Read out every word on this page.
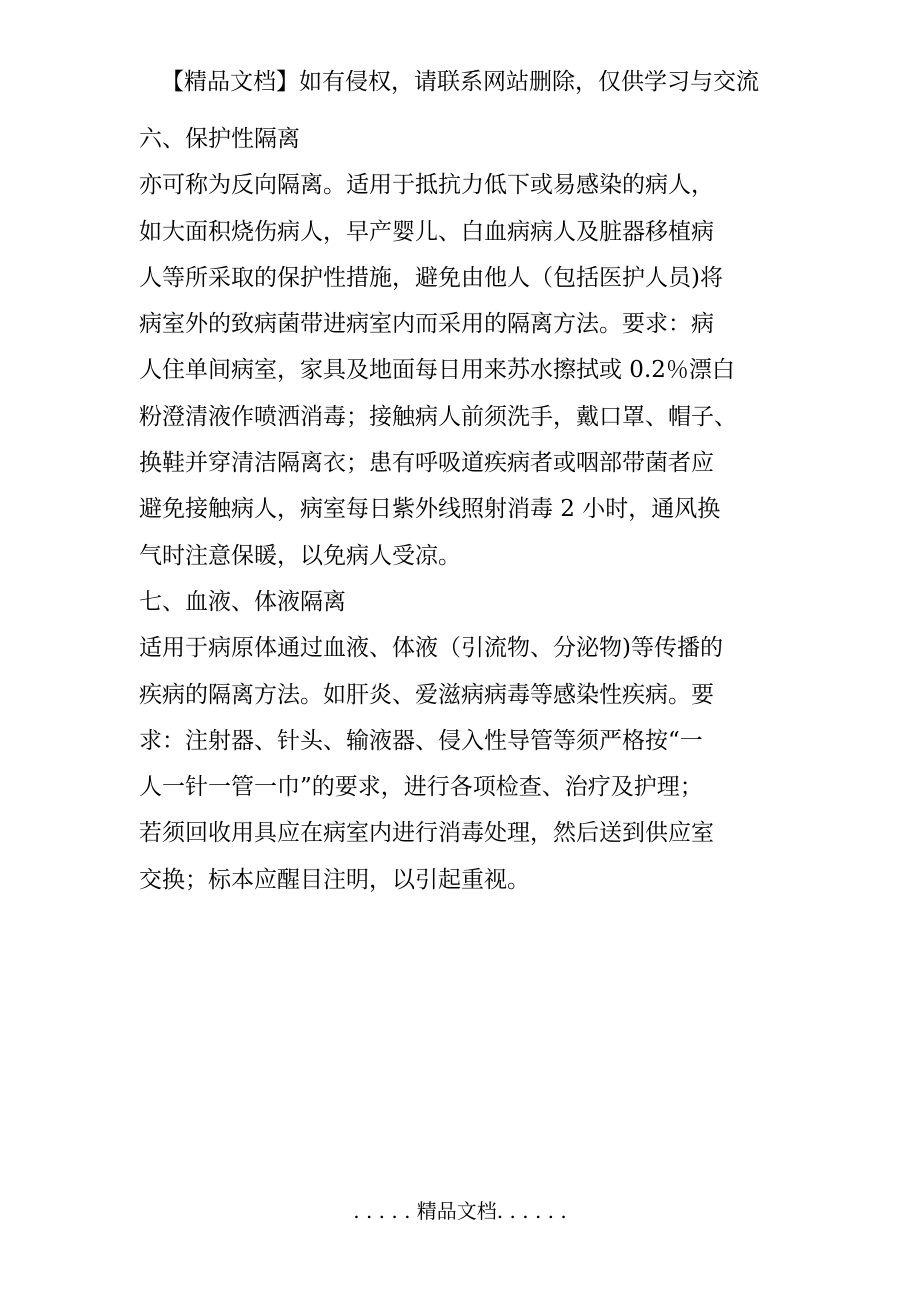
【精品文档】如有侵权，请联系网站删除，仅供学习与交流
六、保护性隔离
亦可称为反向隔离。适用于抵抗力低下或易感染的病人，
如大面积烧伤病人，早产婴儿、白血病病人及脏器移植病
人等所采取的保护性措施，避免由他人（包括医护人员)将
病室外的致病菌带进病室内而采用的隔离方法。要求：病
人住单间病室，家具及地面每日用来苏水擦拭或 0.2％漂白
粉澄清液作喷洒消毒；接触病人前须洗手，戴口罩、帽子、
换鞋并穿清洁隔离衣；患有呼吸道疾病者或咽部带菌者应
避免接触病人，病室每日紫外线照射消毒 2 小时，通风换
气时注意保暖，以免病人受凉。
七、血液、体液隔离
适用于病原体通过血液、体液（引流物、分泌物)等传播的
疾病的隔离方法。如肝炎、爱滋病病毒等感染性疾病。要
求：注射器、针头、输液器、侵入性导管等须严格按“一
人一针一管一巾”的要求，进行各项检查、治疗及护理；
若须回收用具应在病室内进行消毒处理，然后送到供应室
交换；标本应醒目注明，以引起重视。
. . . . . 精品文档. . . . . .
